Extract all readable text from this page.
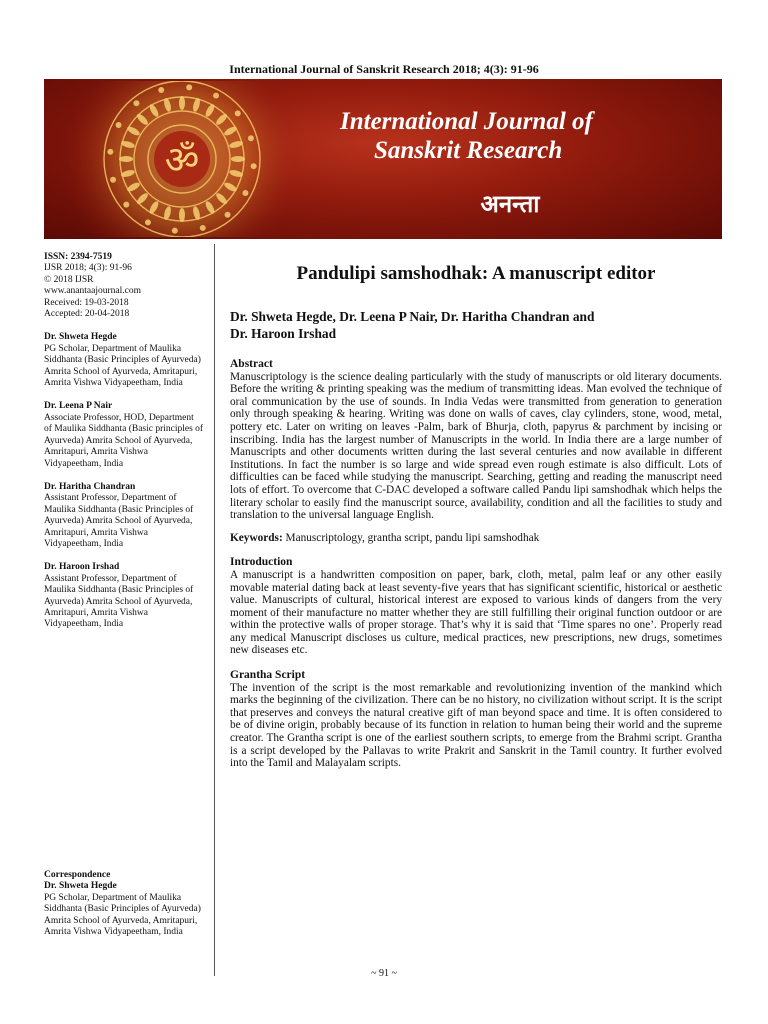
International Journal of Sanskrit Research 2018; 4(3): 91-96
ॐ
International Journal of
Sanskrit Research
अनन्ता
ISSN: 2394-7519
IJSR 2018; 4(3): 91-96
© 2018 IJSR
www.anantaajournal.com
Received: 19-03-2018
Accepted: 20-04-2018
Dr. Shweta Hegde
PG Scholar, Department of Maulika Siddhanta (Basic Principles of Ayurveda) Amrita School of Ayurveda, Amritapuri, Amrita Vishwa Vidyapeetham, India
Dr. Leena P Nair
Associate Professor, HOD, Department of Maulika Siddhanta (Basic principles of Ayurveda) Amrita School of Ayurveda, Amritapuri, Amrita Vishwa Vidyapeetham, India
Dr. Haritha Chandran
Assistant Professor, Department of Maulika Siddhanta (Basic Principles of Ayurveda) Amrita School of Ayurveda, Amritapuri, Amrita Vishwa Vidyapeetham, India
Dr. Haroon Irshad
Assistant Professor, Department of Maulika Siddhanta (Basic Principles of Ayurveda) Amrita School of Ayurveda, Amritapuri, Amrita Vishwa Vidyapeetham, India
Correspondence
Dr. Shweta Hegde
PG Scholar, Department of Maulika Siddhanta (Basic Principles of Ayurveda) Amrita School of Ayurveda, Amritapuri, Amrita Vishwa Vidyapeetham, India
Pandulipi samshodhak: A manuscript editor
Dr. Shweta Hegde, Dr. Leena P Nair, Dr. Haritha Chandran and
Dr. Haroon Irshad
Abstract

Manuscriptology is the science dealing particularly with the study of manuscripts or old literary documents. Before the writing & printing speaking was the medium of transmitting ideas. Man evolved the technique of oral communication by the use of sounds. In India Vedas were transmitted from generation to generation only through speaking & hearing. Writing was done on walls of caves, clay cylinders, stone, wood, metal, pottery etc. Later on writing on leaves -Palm, bark of Bhurja, cloth, papyrus & parchment by incising or inscribing. India has the largest number of Manuscripts in the world. In India there are a large number of Manuscripts and other documents written during the last several centuries and now available in different Institutions. In fact the number is so large and wide spread even rough estimate is also difficult. Lots of difficulties can be faced while studying the manuscript. Searching, getting and reading the manuscript need lots of effort. To overcome that C-DAC developed a software called Pandu lipi samshodhak which helps the literary scholar to easily find the manuscript source, availability, condition and all the facilities to study and translation to the universal language English.

Keywords: Manuscriptology, grantha script, pandu lipi samshodhak
Introduction

A manuscript is a handwritten composition on paper, bark, cloth, metal, palm leaf or any other easily movable material dating back at least seventy-five years that has significant scientific, historical or aesthetic value. Manuscripts of cultural, historical interest are exposed to various kinds of dangers from the very moment of their manufacture no matter whether they are still fulfilling their original function outdoor or are within the protective walls of proper storage. That’s why it is said that ‘Time spares no one’. Properly read any medical Manuscript discloses us culture, medical practices, new prescriptions, new drugs, sometimes new diseases etc.

Grantha Script

The invention of the script is the most remarkable and revolutionizing invention of the mankind which marks the beginning of the civilization. There can be no history, no civilization without script. It is the script that preserves and conveys the natural creative gift of man beyond space and time. It is often considered to be of divine origin, probably because of its function in relation to human being their world and the supreme creator. The Grantha script is one of the earliest southern scripts, to emerge from the Brahmi script. Grantha is a script developed by the Pallavas to write Prakrit and Sanskrit in the Tamil country. It further evolved into the Tamil and Malayalam scripts.

~ 91 ~
